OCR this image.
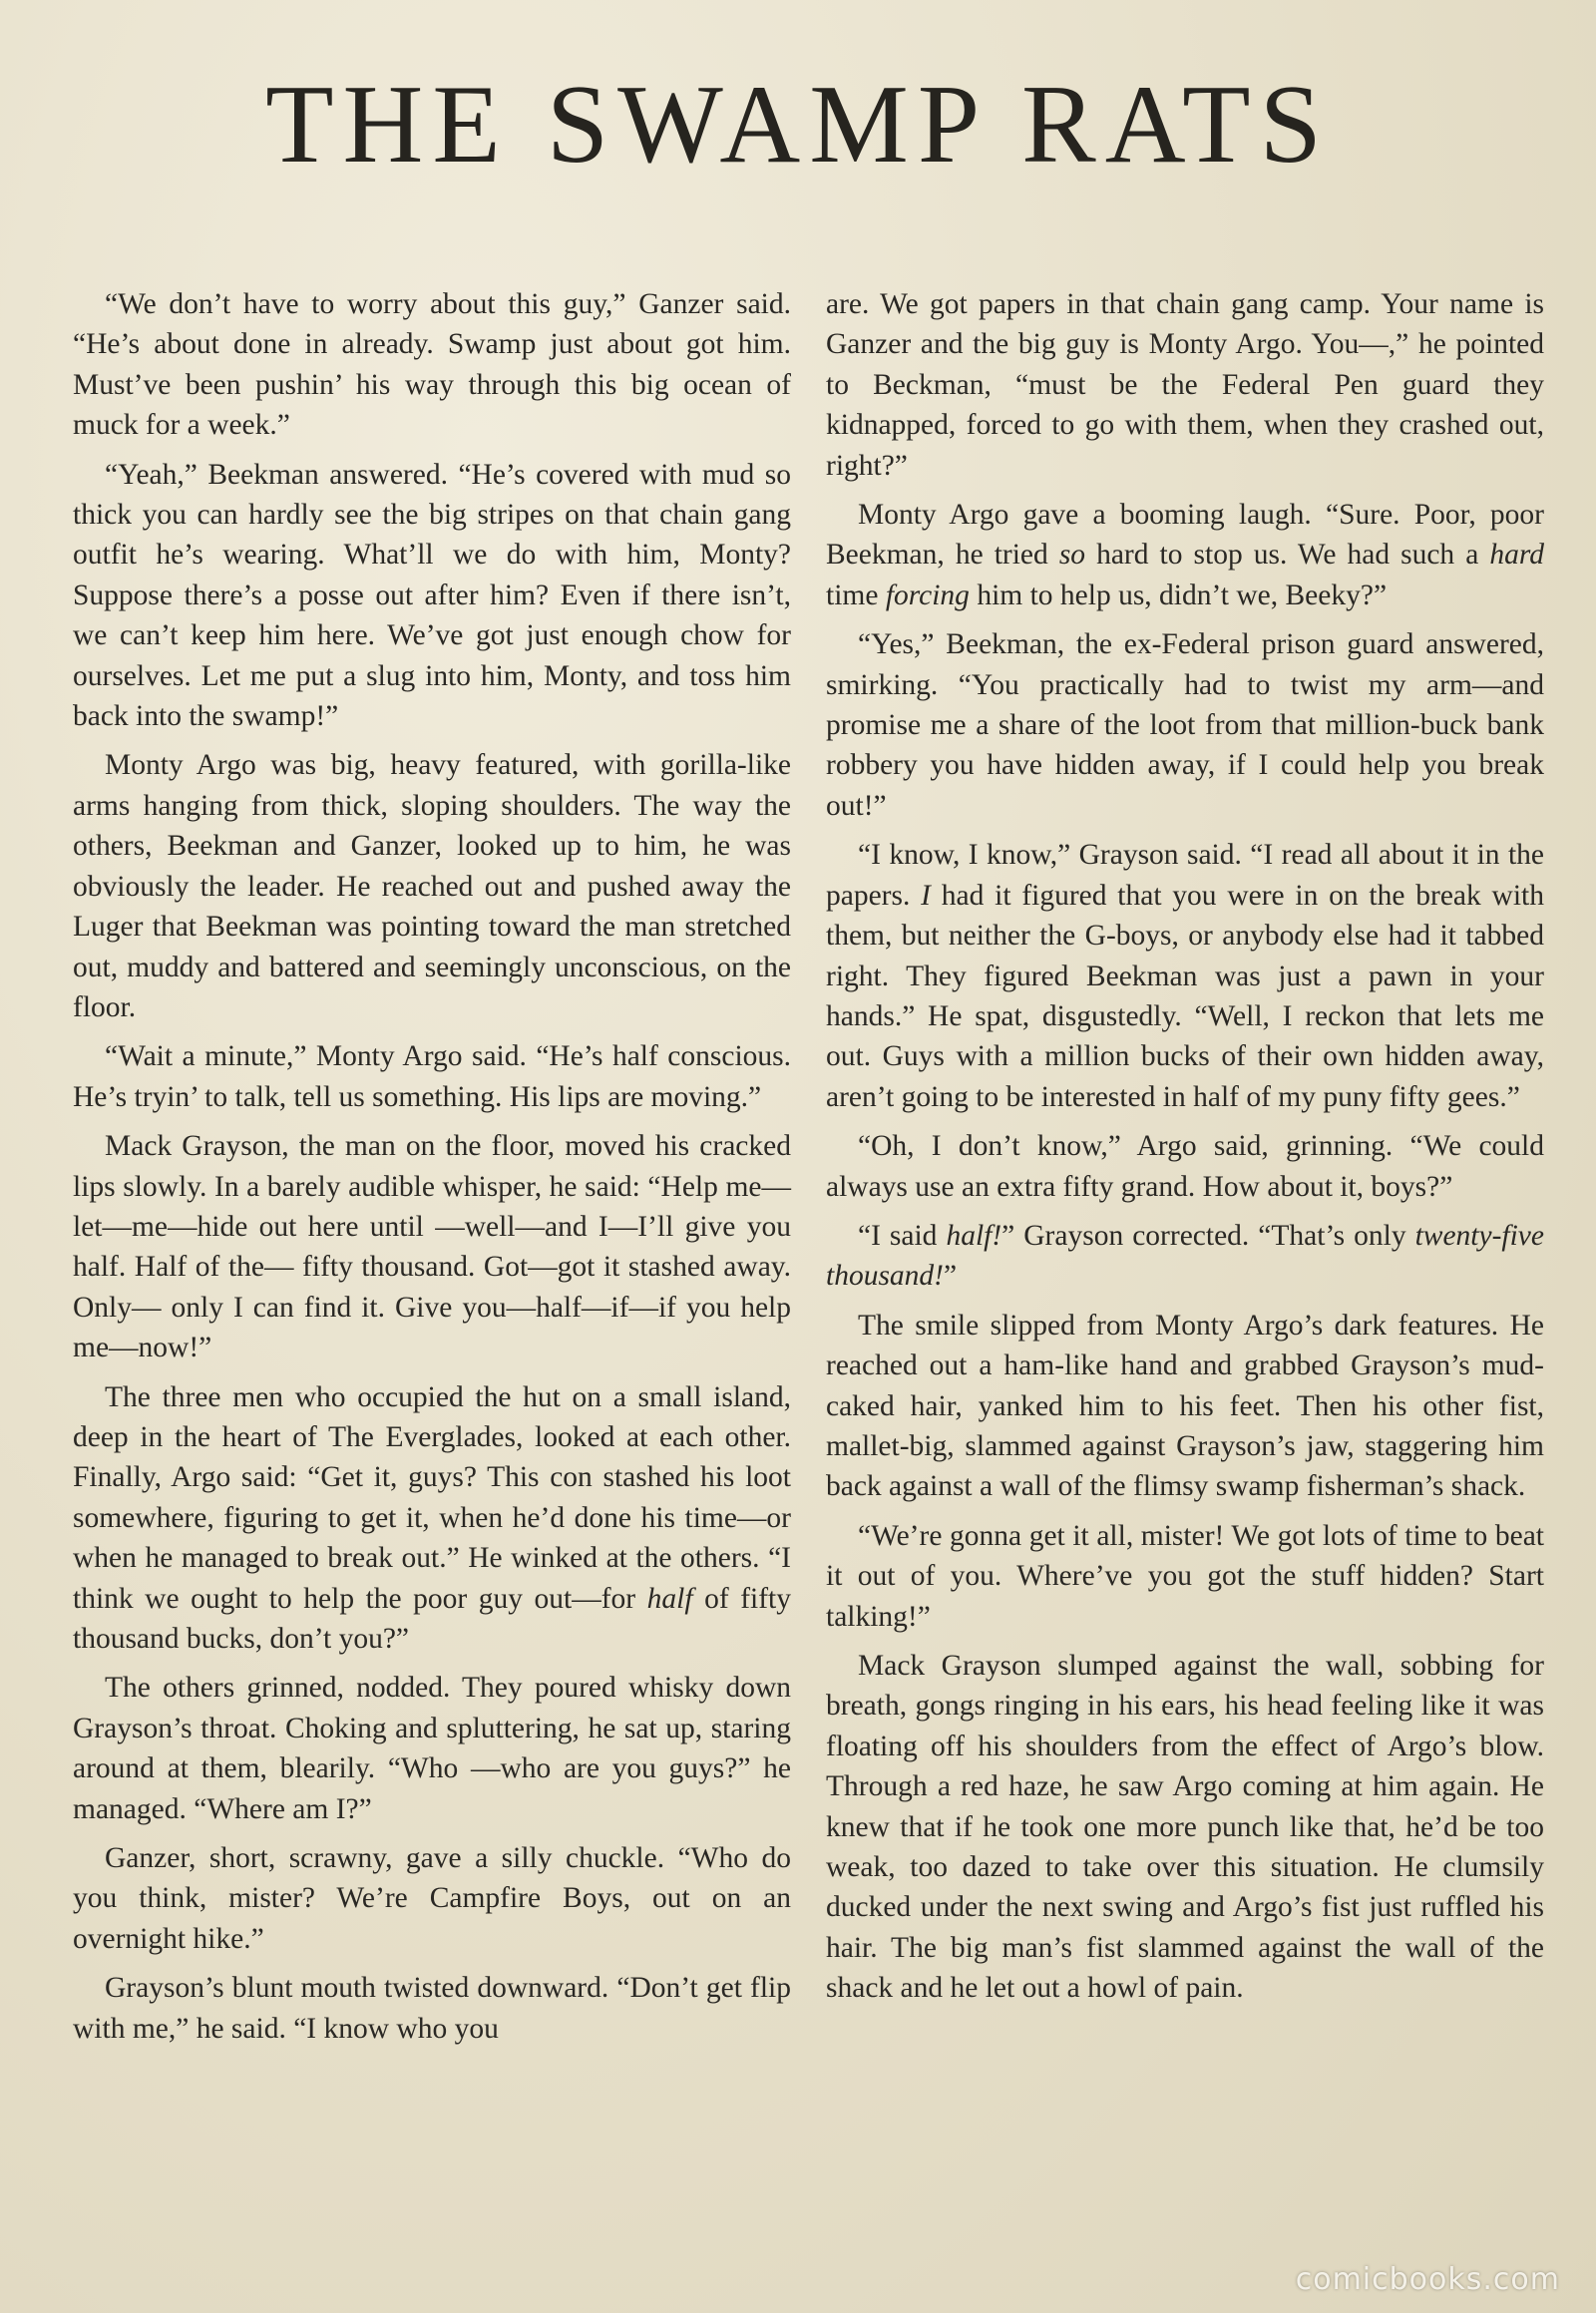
THE SWAMP RATS

“We don’t have to worry about this guy,” Ganzer said. “He’s about done in already. Swamp just about got him. Must’ve been pushin’ his way through this big ocean of muck for a week.”

“Yeah,” Beekman answered. “He’s covered with mud so thick you can hardly see the big stripes on that chain gang outfit he’s wearing. What’ll we do with him, Monty? Suppose there’s a posse out after him? Even if there isn’t, we can’t keep him here. We’ve got just enough chow for ourselves. Let me put a slug into him, Monty, and toss him back into the swamp!”

Monty Argo was big, heavy featured, with gorilla-like arms hanging from thick, sloping shoulders. The way the others, Beekman and Ganzer, looked up to him, he was obviously the leader. He reached out and pushed away the Luger that Beekman was pointing toward the man stretched out, muddy and battered and seemingly unconscious, on the floor.

“Wait a minute,” Monty Argo said. “He’s half conscious. He’s tryin’ to talk, tell us something. His lips are moving.”

Mack Grayson, the man on the floor, moved his cracked lips slowly. In a barely audible whisper, he said: “Help me—let—me—hide out here until —well—and I—I’ll give you half. Half of the— fifty thousand. Got—got it stashed away. Only— only I can find it. Give you—half—if—if you help me—now!”

The three men who occupied the hut on a small island, deep in the heart of The Everglades, looked at each other. Finally, Argo said: “Get it, guys? This con stashed his loot somewhere, figuring to get it, when he’d done his time—or when he managed to break out.” He winked at the others. “I think we ought to help the poor guy out—for half of fifty thousand bucks, don’t you?”

The others grinned, nodded. They poured whisky down Grayson’s throat. Choking and spluttering, he sat up, staring around at them, blearily. “Who —who are you guys?” he managed. “Where am I?”

Ganzer, short, scrawny, gave a silly chuckle. “Who do you think, mister? We’re Campfire Boys, out on an overnight hike.”

Grayson’s blunt mouth twisted downward. “Don’t get flip with me,” he said. “I know who you

are. We got papers in that chain gang camp. Your name is Ganzer and the big guy is Monty Argo. You—,” he pointed to Beckman, “must be the Federal Pen guard they kidnapped, forced to go with them, when they crashed out, right?”

Monty Argo gave a booming laugh. “Sure. Poor, poor Beekman, he tried so hard to stop us. We had such a hard time forcing him to help us, didn’t we, Beeky?”

“Yes,” Beekman, the ex-Federal prison guard answered, smirking. “You practically had to twist my arm—and promise me a share of the loot from that million-buck bank robbery you have hidden away, if I could help you break out!”

“I know, I know,” Grayson said. “I read all about it in the papers. I had it figured that you were in on the break with them, but neither the G-boys, or anybody else had it tabbed right. They figured Beekman was just a pawn in your hands.” He spat, disgustedly. “Well, I reckon that lets me out. Guys with a million bucks of their own hidden away, aren’t going to be interested in half of my puny fifty gees.”

“Oh, I don’t know,” Argo said, grinning. “We could always use an extra fifty grand. How about it, boys?”

“I said half!” Grayson corrected. “That’s only twenty-five thousand!”

The smile slipped from Monty Argo’s dark features. He reached out a ham-like hand and grabbed Grayson’s mud-caked hair, yanked him to his feet. Then his other fist, mallet-big, slammed against Grayson’s jaw, staggering him back against a wall of the flimsy swamp fisherman’s shack.

“We’re gonna get it all, mister! We got lots of time to beat it out of you. Where’ve you got the stuff hidden? Start talking!”

Mack Grayson slumped against the wall, sobbing for breath, gongs ringing in his ears, his head feeling like it was floating off his shoulders from the effect of Argo’s blow. Through a red haze, he saw Argo coming at him again. He knew that if he took one more punch like that, he’d be too weak, too dazed to take over this situation. He clumsily ducked under the next swing and Argo’s fist just ruffled his hair. The big man’s fist slammed against the wall of the shack and he let out a howl of pain.

comicbooks.com
